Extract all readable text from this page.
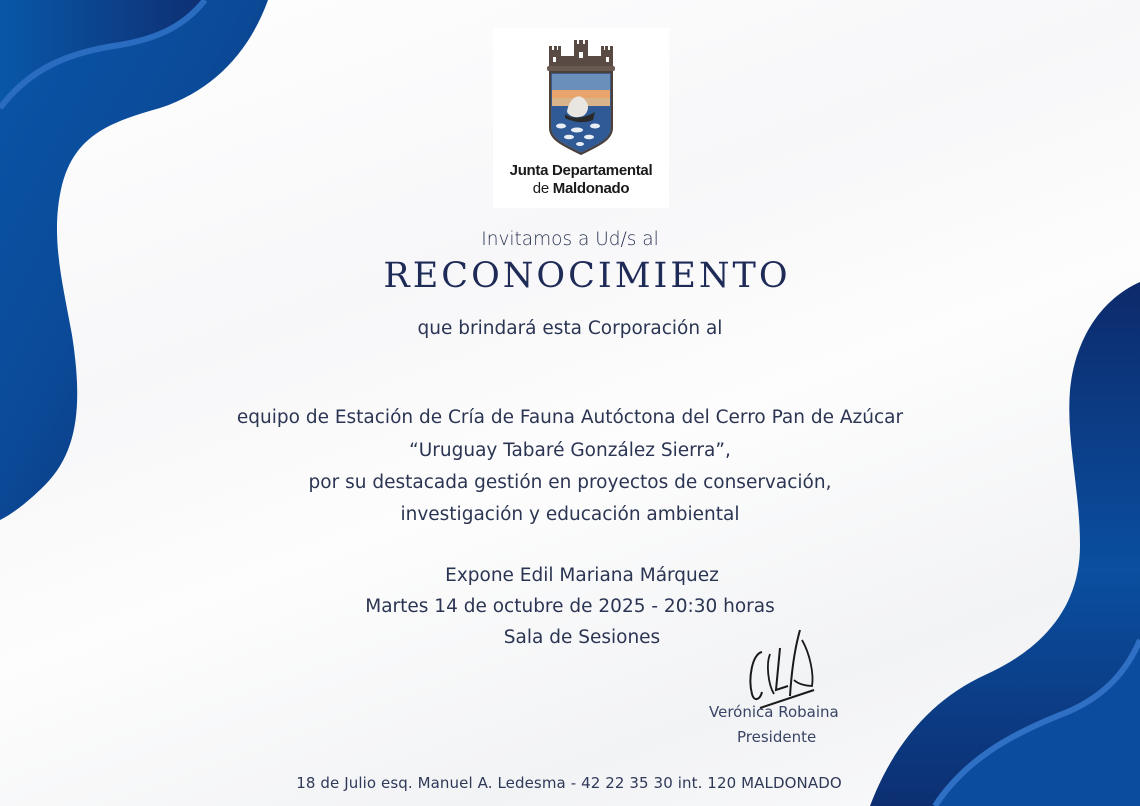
Junta Departamental
de Maldonado
Invitamos a Ud/s al
RECONOCIMIENTO
que brindará esta Corporación al
equipo de Estación de Cría de Fauna Autóctona del Cerro Pan de Azúcar
“Uruguay Tabaré González Sierra”,
por su destacada gestión en proyectos de conservación,
investigación y educación ambiental
Expone Edil Mariana Márquez
Martes 14 de octubre de 2025 - 20:30 horas
Sala de Sesiones
Verónica Robaina
Presidente
18 de Julio esq. Manuel A. Ledesma - 42 22 35 30 int. 120 MALDONADO
